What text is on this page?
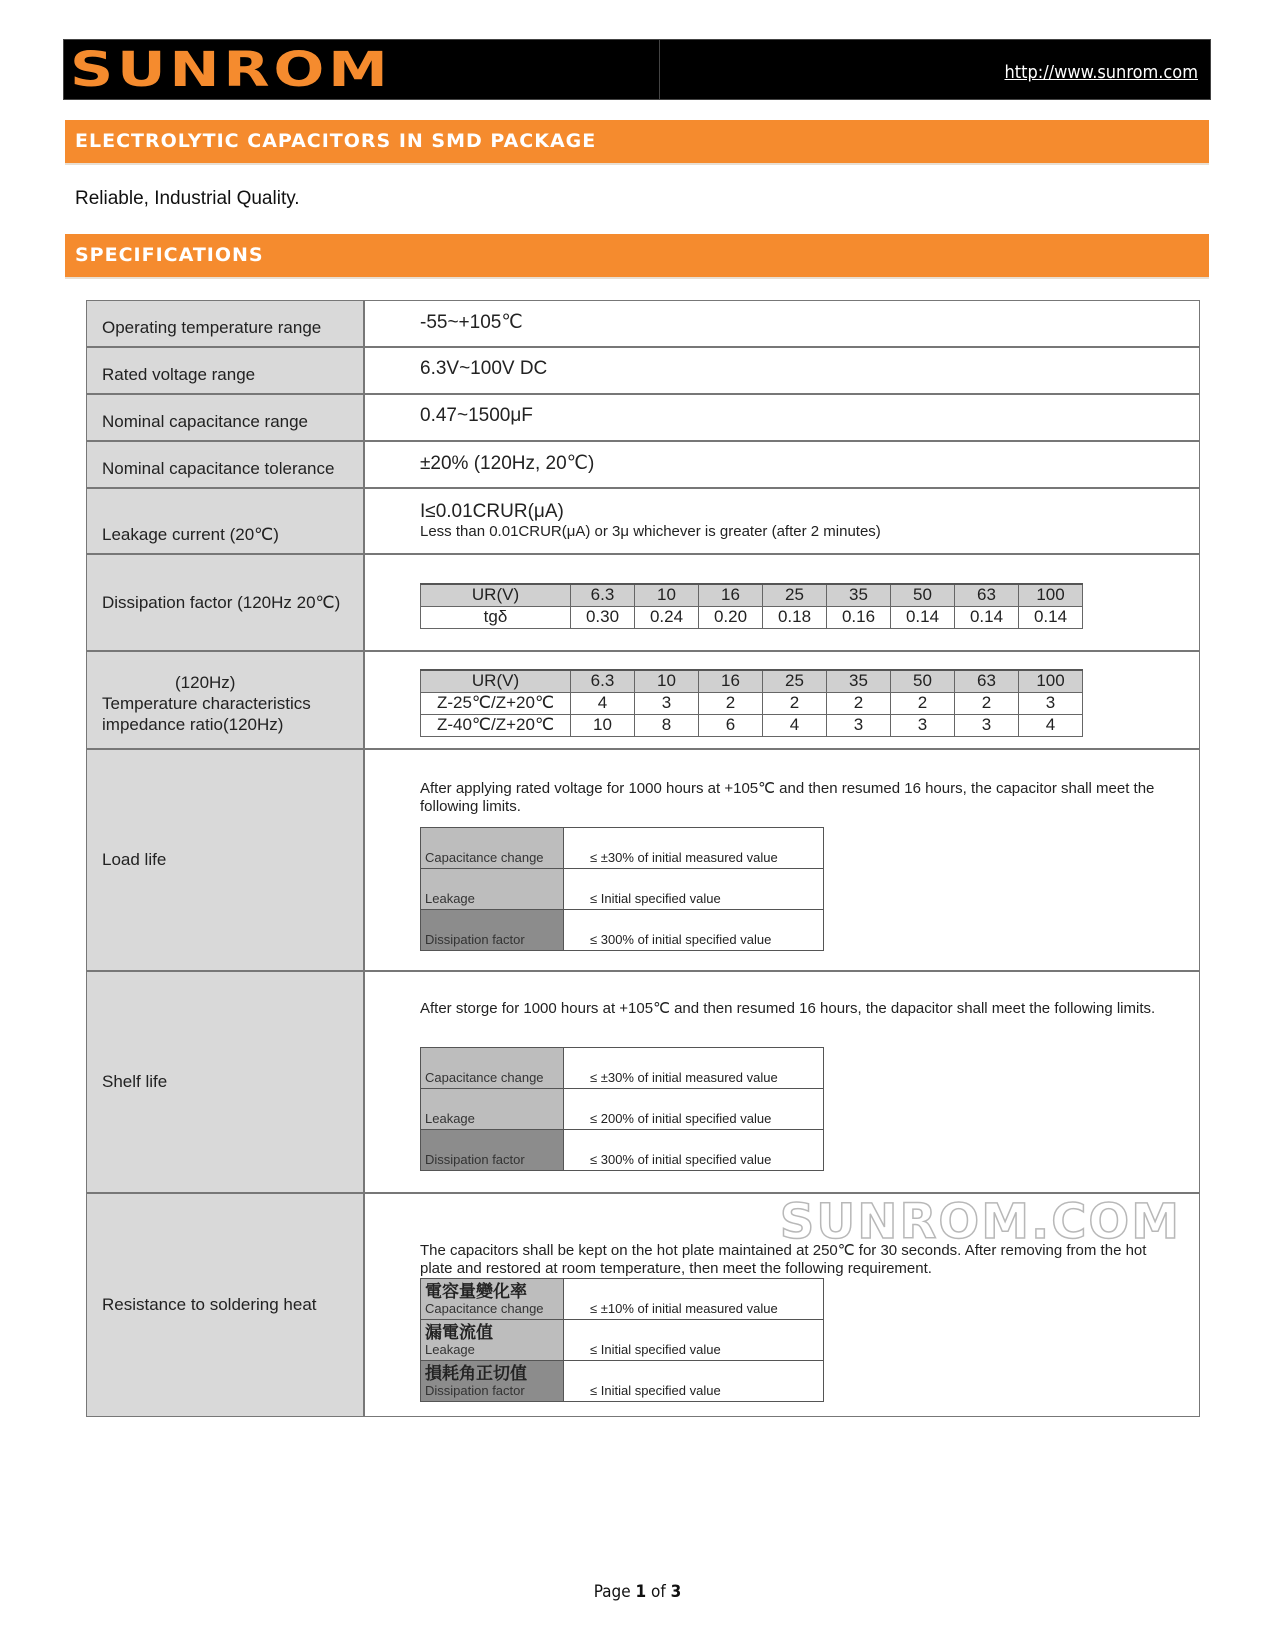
SUNROM	http://www.sunrom.com
ELECTROLYTIC CAPACITORS IN SMD PACKAGE
Reliable, Industrial Quality.
SPECIFICATIONS
Operating temperature range	-55~+105℃
Rated voltage range	6.3V~100V DC
Nominal capacitance range	0.47~1500μF
Nominal capacitance tolerance	±20% (120Hz, 20℃)
Leakage current (20℃)
I≤0.01CRUR(μA)
Less than 0.01CRUR(μA) or 3μ whichever is greater (after 2 minutes)
Dissipation factor (120Hz 20℃)	UR(V)	6.3	10	16	25	35	50	63	100
tgδ	0.30	0.24	0.20	0.18	0.16	0.14	0.14	0.14
(120Hz)
Temperature characteristics
impedance ratio(120Hz)
UR(V)	6.3	10	16	25	35	50	63	100
Z-25℃/Z+20℃	4	3	2	2	2	2	2	3
Z-40℃/Z+20℃	10	8	6	4	3	3	3	4
Load life
After applying rated voltage for 1000 hours at +105℃ and then resumed 16 hours, the capacitor shall meet the following limits.
Capacitance change	≤ ±30% of initial measured value
Leakage	≤ Initial specified value
Dissipation factor	≤ 300% of initial specified value
Shelf life
After storge for 1000 hours at +105℃ and then resumed 16 hours, the dapacitor shall meet the following limits.
Capacitance change	≤ ±30% of initial measured value
Leakage	≤ 200% of initial specified value
Dissipation factor	≤ 300% of initial specified value
Resistance to soldering heat
SUNROM.COM
The capacitors shall be kept on the hot plate maintained at 250℃ for 30 seconds. After removing from the hot plate and restored at room temperature, then meet the following requirement.
電容量變化率
Capacitance change	≤ ±10% of initial measured value

漏電流值
Leakage	≤ Initial specified value

損耗角正切值
Dissipation factor	≤ Initial specified value
Page 1 of 3
